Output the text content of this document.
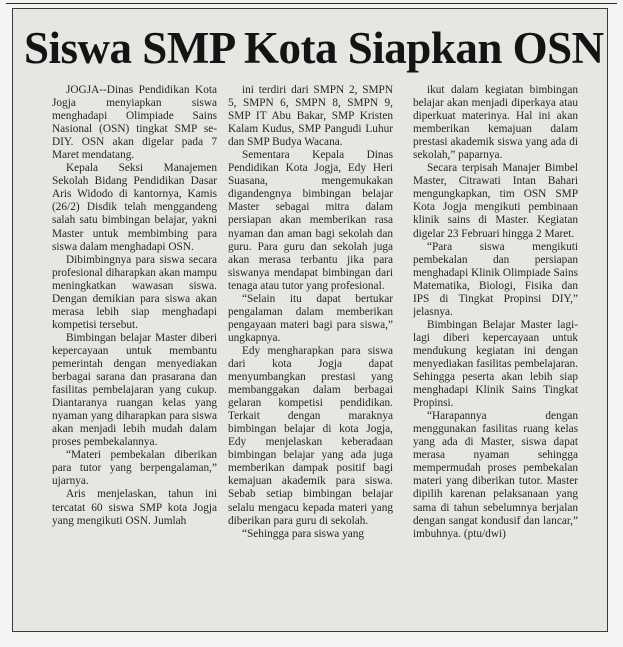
Siswa SMP Kota Siapkan OSN

JOGJA--Dinas Pendidikan Kota Jogja menyiapkan siswa menghadapi Olimpiade Sains Nasional (OSN) tingkat SMP se-DIY. OSN akan digelar pada 7 Maret mendatang.

Kepala Seksi Manajemen Sekolah Bidang Pendidikan Dasar Aris Widodo di kantornya, Kamis (26/2) Disdik telah menggandeng salah satu bimbingan belajar, yakni Master untuk membimbing para siswa dalam menghadapi OSN.

Dibimbingnya para siswa secara profesional diharapkan akan mampu meningkatkan wawasan siswa. Dengan demikian para siswa akan merasa lebih siap menghadapi kompetisi tersebut.

Bimbingan belajar Master diberi kepercayaan untuk membantu pemerintah dengan menyediakan berbagai sarana dan prasarana dan fasilitas pembelajaran yang cukup. Diantaranya ruangan kelas yang nyaman yang diharapkan para siswa akan menjadi lebih mudah dalam proses pembekalannya.

“Materi pembekalan diberikan para tutor yang berpengalaman,” ujarnya.

Aris menjelaskan, tahun ini tercatat 60 siswa SMP kota Jogja yang mengikuti OSN. Jumlah

ini terdiri dari SMPN 2, SMPN 5, SMPN 6, SMPN 8, SMPN 9, SMP IT Abu Bakar, SMP Kristen Kalam Kudus, SMP Pangudi Luhur dan SMP Budya Wacana.

Sementara Kepala Dinas Pendidikan Kota Jogja, Edy Heri Suasana, mengemukakan digandengnya bimbingan belajar Master sebagai mitra dalam persiapan akan memberikan rasa nyaman dan aman bagi sekolah dan guru. Para guru dan sekolah juga akan merasa terbantu jika para siswanya mendapat bimbingan dari tenaga atau tutor yang profesional.

“Selain itu dapat bertukar pengalaman dalam memberikan pengayaan materi bagi para siswa,” ungkapnya.

Edy mengharapkan para siswa dari kota Jogja dapat menyumbangkan prestasi yang membanggakan dalam berbagai gelaran kompetisi pendidikan. Terkait dengan maraknya bimbingan belajar di kota Jogja, Edy menjelaskan keberadaan bimbingan belajar yang ada juga memberikan dampak positif bagi kemajuan akademik para siswa. Sebab setiap bimbingan belajar selalu mengacu kepada materi yang diberikan para guru di sekolah.

“Sehingga para siswa yang

ikut dalam kegiatan bimbingan belajar akan menjadi diperkaya atau diperkuat materinya. Hal ini akan memberikan kemajuan dalam prestasi akademik siswa yang ada di sekolah,” paparnya.

Secara terpisah Manajer Bimbel Master, Citrawati Intan Bahari mengungkapkan, tim OSN SMP Kota Jogja mengikuti pembinaan klinik sains di Master. Kegiatan digelar 23 Februari hingga 2 Maret.

“Para siswa mengikuti pembekalan dan persiapan menghadapi Klinik Olimpiade Sains Matematika, Biologi, Fisika dan IPS di Tingkat Propinsi DIY,” jelasnya.

Bimbingan Belajar Master lagi-lagi diberi kepercayaan untuk mendukung kegiatan ini dengan menyediakan fasilitas pembelajaran. Sehingga peserta akan lebih siap menghadapi Klinik Sains Tingkat Propinsi.

“Harapannya dengan menggunakan fasilitas ruang kelas yang ada di Master, siswa dapat merasa nyaman sehingga mempermudah proses pembekalan materi yang diberikan tutor. Master dipilih karenan pelaksanaan yang sama di tahun sebelumnya berjalan dengan sangat kondusif dan lancar,” imbuhnya. (ptu/dwi)
